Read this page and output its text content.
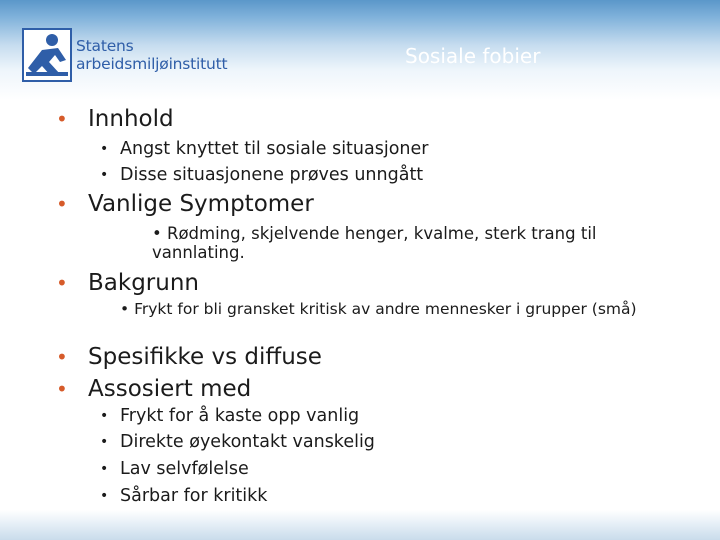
Statens
arbeidsmiljøinstitutt	Sosiale fobier
• Innhold
• Angst knyttet til sosiale situasjoner
• Disse situasjonene prøves unngått
• Vanlige Symptomer
• Rødming, skjelvende henger, kvalme, sterk trang til vannlating.
• Bakgrunn
• Frykt for bli gransket kritisk av andre mennesker i grupper (små)
• Spesifikke vs diffuse
• Assosiert med
• Frykt for å kaste opp vanlig
• Direkte øyekontakt vanskelig
• Lav selvfølelse
• Sårbar for kritikk
